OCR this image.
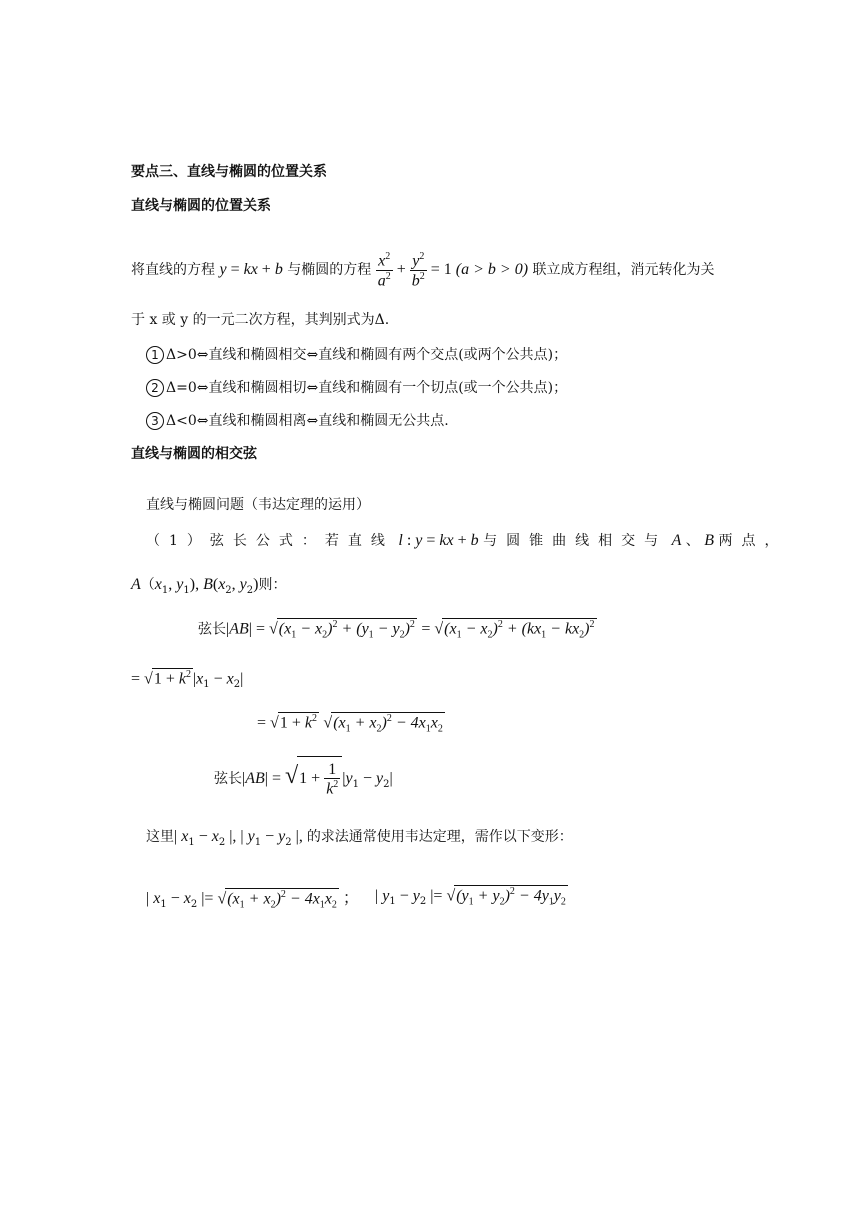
要点三、直线与椭圆的位置关系
直线与椭圆的位置关系
将直线的方程 y = kx + b 与椭圆的方程 $\frac{x^2}{a^2} + \frac{y^2}{b^2} = 1$ (a > b > 0) 联立成方程组，消元转化为关
于 x 或 y 的一元二次方程，其判别式为Δ.
1 Δ>0⇔直线和椭圆相交⇔直线和椭圆有两个交点(或两个公共点)；
2 Δ=0⇔直线和椭圆相切⇔直线和椭圆有一个切点(或一个公共点)；
3 Δ<0⇔直线和椭圆相离⇔直线和椭圆无公共点.
直线与椭圆的相交弦
直线与椭圆问题（韦达定理的运用）
（1）弦长公式：若直线 l : y = kx + b 与圆锥曲线相交与 A 、 B 两点，
$A(x_1$, $y_1$), $B(x_2$, $y_2$)则：
弦长$|AB| = √(x_1 - x_2)^2 + (y_1 - y_2)^2 = √(x_1 - x_2)^2 + (kx_1 - kx_2)^2$
= $√1 + k^2$ $|x_1 - x_2|$
= $√1 + k^2$ $√(x_1 + x_2)^2 - 4x_1x_2$
弦长$|AB| = √1 + \frac{1}{k^2} |y_1 - y_2|$
这里| $x_1 - x_2$ |, | $y_1 - y_2$ |, 的求法通常使用韦达定理，需作以下变形：
| $x_1 - x_2$ |= $√(x_1 + x_2)^2 - 4x_1x_2$ ； | $y_1 - y_2$ |= $√(y_1 + y_2)^2 - 4y_1y_2$
